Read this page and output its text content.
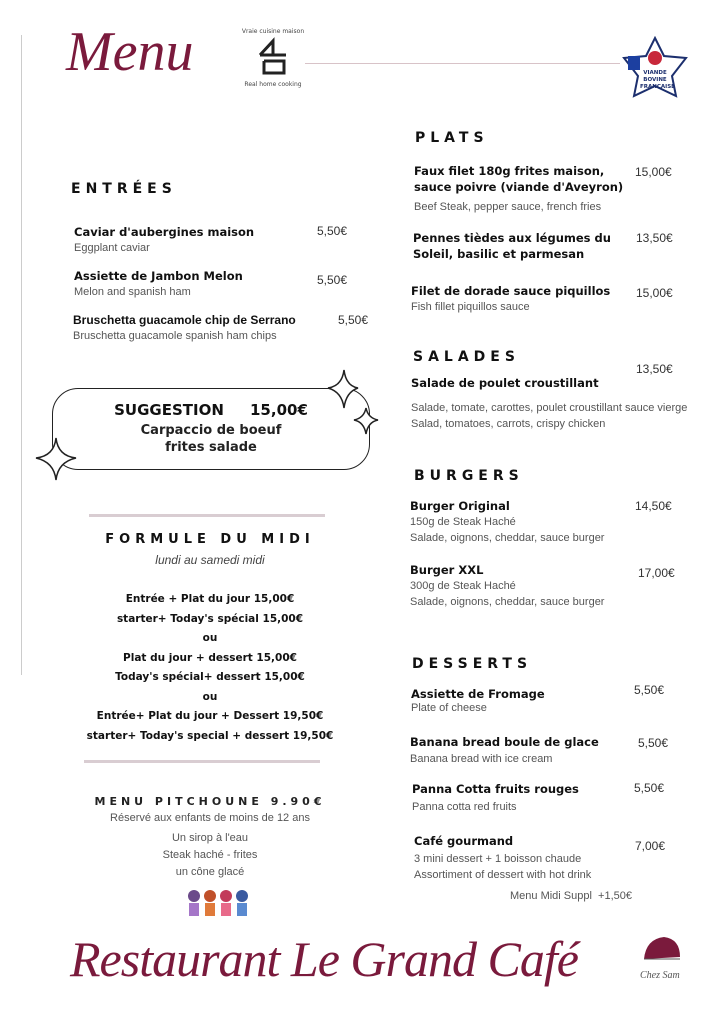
Menu	Vraie cuisine maison
Real home cooking
VIANDE BOVINE FRANÇAISE
ENTRÉES
Caviar d'aubergines maison
Eggplant caviar
5,50€
Assiette de Jambon Melon
Melon and spanish ham
5,50€
Bruschetta guacamole chip de Serrano
Bruschetta guacamole spanish ham chips
5,50€
SUGGESTION 15,00€
Carpaccio de boeuf
frites salade
FORMULE DU MIDI
lundi au samedi midi
Entrée + Plat du jour 15,00€
starter+ Today's spécial 15,00€
ou
Plat du jour + dessert 15,00€
Today's spécial+ dessert 15,00€
ou
Entrée+ Plat du jour + Dessert 19,50€
starter+ Today's special + dessert 19,50€
MENU PITCHOUNE 9.90€
Réservé aux enfants de moins de 12 ans
Un sirop à l'eau
Steak haché - frites
un cône glacé
PLATS
Faux filet 180g frites maison, sauce poivre (viande d'Aveyron)
Beef Steak, pepper sauce, french fries
15,00€
Pennes tièdes aux légumes du Soleil, basilic et parmesan
13,50€
Filet de dorade sauce piquillos
Fish fillet piquillos sauce
15,00€
SALADES
Salade de poulet croustillant
Salade, tomate, carottes, poulet croustillant sauce vierge
Salad, tomatoes, carrots, crispy chicken
13,50€
BURGERS
Burger Original
150g de Steak Haché
Salade, oignons, cheddar, sauce burger
14,50€
Burger XXL
300g de Steak Haché
Salade, oignons, cheddar, sauce burger
17,00€
DESSERTS
Assiette de Fromage
Plate of cheese
5,50€
Banana bread boule de glace
Banana bread with ice cream
5,50€
Panna Cotta fruits rouges
Panna cotta red fruits
5,50€
Café gourmand
3 mini dessert + 1 boisson chaude
Assortiment of dessert with hot drink
7,00€
Menu Midi Suppl  +1,50€
Restaurant Le Grand Café	Chez Sam
